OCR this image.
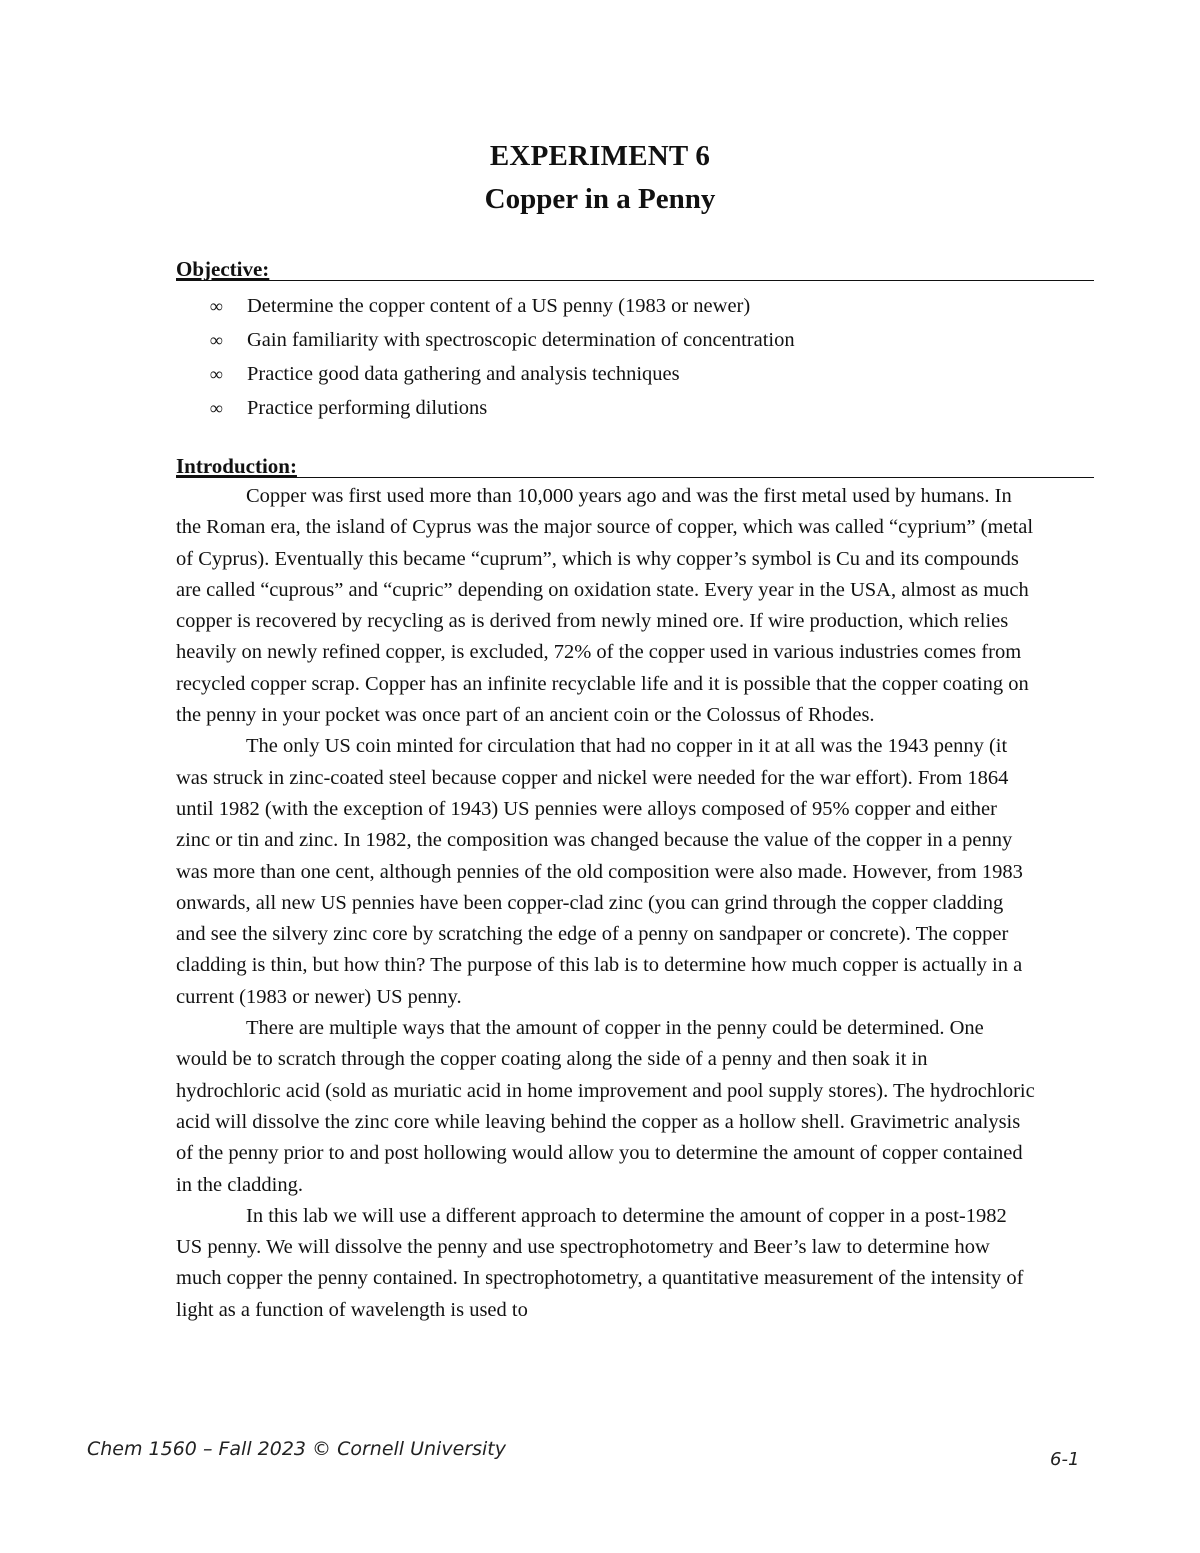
EXPERIMENT 6
Copper in a Penny
Objective:
∞ Determine the copper content of a US penny (1983 or newer)
∞ Gain familiarity with spectroscopic determination of concentration
∞ Practice good data gathering and analysis techniques
∞ Practice performing dilutions
Introduction:

Copper was first used more than 10,000 years ago and was the first metal used by humans. In the Roman era, the island of Cyprus was the major source of copper, which was called “cyprium” (metal of Cyprus). Eventually this became “cuprum”, which is why copper’s symbol is Cu and its compounds are called “cuprous” and “cupric” depending on oxidation state. Every year in the USA, almost as much copper is recovered by recycling as is derived from newly mined ore. If wire production, which relies heavily on newly refined copper, is excluded, 72% of the copper used in various industries comes from recycled copper scrap. Copper has an infinite recyclable life and it is possible that the copper coating on the penny in your pocket was once part of an ancient coin or the Colossus of Rhodes.

The only US coin minted for circulation that had no copper in it at all was the 1943 penny (it was struck in zinc-coated steel because copper and nickel were needed for the war effort). From 1864 until 1982 (with the exception of 1943) US pennies were alloys composed of 95% copper and either zinc or tin and zinc. In 1982, the composition was changed because the value of the copper in a penny was more than one cent, although pennies of the old composition were also made. However, from 1983 onwards, all new US pennies have been copper-clad zinc (you can grind through the copper cladding and see the silvery zinc core by scratching the edge of a penny on sandpaper or concrete). The copper cladding is thin, but how thin? The purpose of this lab is to determine how much copper is actually in a current (1983 or newer) US penny.

There are multiple ways that the amount of copper in the penny could be determined. One would be to scratch through the copper coating along the side of a penny and then soak it in hydrochloric acid (sold as muriatic acid in home improvement and pool supply stores). The hydrochloric acid will dissolve the zinc core while leaving behind the copper as a hollow shell. Gravimetric analysis of the penny prior to and post hollowing would allow you to determine the amount of copper contained in the cladding.

In this lab we will use a different approach to determine the amount of copper in a post-1982 US penny. We will dissolve the penny and use spectrophotometry and Beer’s law to determine how much copper the penny contained. In spectrophotometry, a quantitative measurement of the intensity of light as a function of wavelength is used to

Chem 1560 – Fall 2023 © Cornell University	6-1
